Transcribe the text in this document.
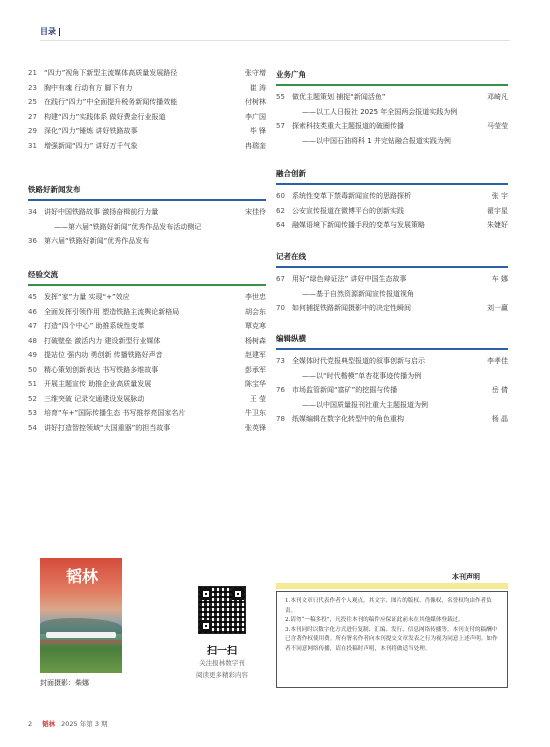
目录
21	“四力”视角下新型主流媒体高质量发展路径	张守增
23	胸中有魂 行动有方 脚下有力	崔 涛
25	在践行“四力”中全面提升税务新闻传播效能	付树林
27	构建“四力”实践体系 做好费金行业报道	李广国
29	深化“四力”锤炼 讲好铁路故事	毕 锋
31	增强新闻“四力” 讲好万千气象	冉瑞奎
铁路好新闻发布
34	讲好中国铁路故事 激扬奋楫前行力量	宋佳伶
——第六届“铁路好新闻”优秀作品发布活动侧记
36	第六届“铁路好新闻”优秀作品发布
经验交流
45	发挥“家”力量 实现“+”效应	李世忠
46	全面发挥引领作用 塑造铁路主流舆论新格局	胡会东
47	打造“四个中心” 助推系统性变革	覃克寒
48	打破壁垒 激活内力 建设新型行业媒体	杨树森
49	提站位 强内功 勇创新 传播铁路好声音	赵建军
50	精心策划创新表达 书写铁路多维故事	彭承军
51	开展主题宣传 助推企业高质量发展	陈宝华
52	三维突破 记录交通建设发展脉动	王 莹
53	培育“车+”国际传播生态 书写推荐亮国家名片	牛卫东
54	讲好打造智控领域“大国重器”的担当故事	张英锋
业务广角
55	做优主题策划 捕捉“新闻活鱼”	邓崎凡
——以工人日报社 2025 年全国两会报道实践为例
57	探索科技类重大主题报道的破圈传播	马莹莹
——以中国石油将科 1 井完钻融合报道实践为例
融合创新
60	系统性变革下禁毒新闻宣传的思路探析	张 宇
62	公安宣传报道在微博平台的创新实践	翟宇星
64	融媒语境下新闻传播手段的变革与发展策略	朱婕好
记者在线
67	用好“绿色辩证法” 讲好中国生态故事	车 娜
——基于自然资源新闻宣传报道视角
70	如何捕捉铁路新闻摄影中的决定性瞬间	刘一赢
编辑纵横
73	全媒体时代党报典型报道的叙事创新与启示	李孝佳
——以“时代楷模”单杏花事迹传播为例
76	市场监管新闻“富矿”的挖掘与传播	岳 倩
——以中国质量报刊社重大主题报道为例
78	纸媒编辑在数字化转型中的角色重构	杨 晶
韬林
封面摄影：柴娜
扫一扫
关注报林数字刊
阅读更多精彩内容
本刊声明
1.本刊文章只代表作者个人观点，其文字、图片的版权、肖像权、名誉权均由作者负责。
2.请勿“一稿多投”，凡投往本刊的稿件应保证此前未在其他媒体登载过。
3.本刊同时以数字化方式进行复制、汇编、发行、信息网络传播等。本刊支付的稿酬中已含著作权使用费。所有署名作者向本刊提交文章发表之行为视为同意上述声明。如作者不同意网络传播，请在投稿时声明，本刊将做适当处理。
2 韬林 2025 年第 3 期
